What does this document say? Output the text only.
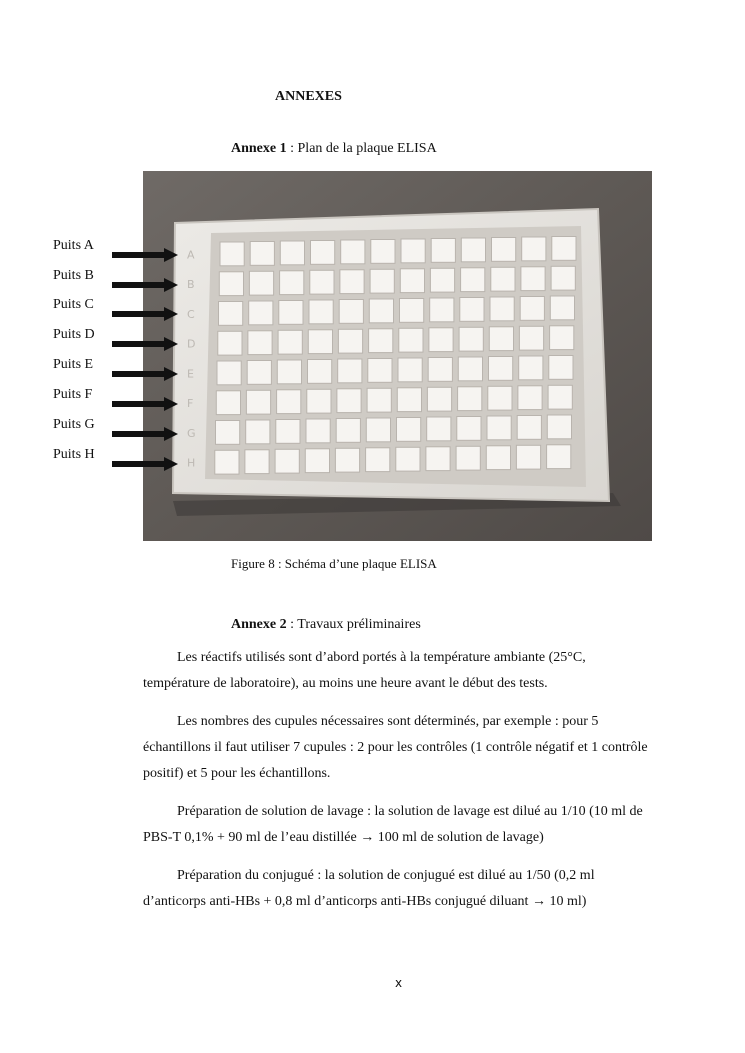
ANNEXES
Annexe 1 : Plan de la plaque ELISA
A
B
C
D
E
F
G
H
Puits A
Puits B
Puits C
Puits D
Puits E
Puits F
Puits G
Puits H
Figure 8 : Schéma d’une plaque ELISA
Annexe 2 : Travaux préliminaires
Les réactifs utilisés sont d’abord portés à la température ambiante (25°C, température de laboratoire), au moins une heure avant le début des tests.
Les nombres des cupules nécessaires sont déterminés, par exemple : pour 5 échantillons il faut utiliser 7 cupules : 2 pour les contrôles (1 contrôle négatif et 1 contrôle positif) et 5 pour les échantillons.
Préparation de solution de lavage : la solution de lavage est dilué au 1/10 (10 ml de PBS-T 0,1% + 90 ml de l’eau distillée → 100 ml de solution de lavage)
Préparation du conjugué : la solution de conjugué est dilué au 1/50 (0,2 ml d’anticorps anti-HBs + 0,8 ml d’anticorps anti-HBs conjugué diluant → 10 ml)
x
